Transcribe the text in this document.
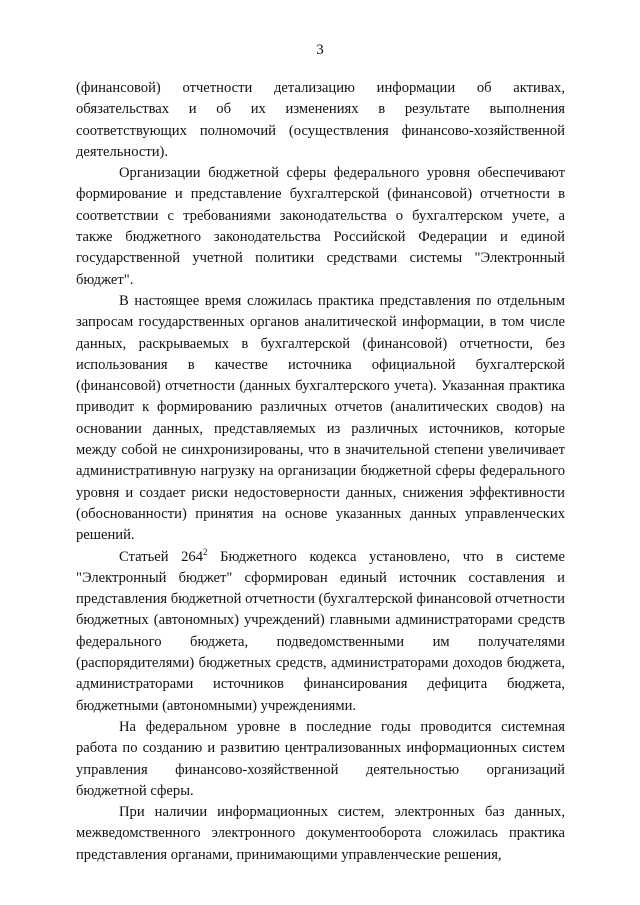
3

(финансовой) отчетности детализацию информации об активах, обязательствах и об их изменениях в результате выполнения соответствующих полномочий (осуществления финансово-хозяйственной деятельности).

Организации бюджетной сферы федерального уровня обеспечивают формирование и представление бухгалтерской (финансовой) отчетности в соответствии с требованиями законодательства о бухгалтерском учете, а также бюджетного законодательства Российской Федерации и единой государственной учетной политики средствами системы "Электронный бюджет".

В настоящее время сложилась практика представления по отдельным запросам государственных органов аналитической информации, в том числе данных, раскрываемых в бухгалтерской (финансовой) отчетности, без использования в качестве источника официальной бухгалтерской (финансовой) отчетности (данных бухгалтерского учета). Указанная практика приводит к формированию различных отчетов (аналитических сводов) на основании данных, представляемых из различных источников, которые между собой не синхронизированы, что в значительной степени увеличивает административную нагрузку на организации бюджетной сферы федерального уровня и создает риски недостоверности данных, снижения эффективности (обоснованности) принятия на основе указанных данных управленческих решений.

Статьей $264^2$ Бюджетного кодекса установлено, что в системе "Электронный бюджет" сформирован единый источник составления и представления бюджетной отчетности (бухгалтерской финансовой отчетности бюджетных (автономных) учреждений) главными администраторами средств федерального бюджета, подведомственными им получателями (распорядителями) бюджетных средств, администраторами доходов бюджета, администраторами источников финансирования дефицита бюджета, бюджетными (автономными) учреждениями.

На федеральном уровне в последние годы проводится системная работа по созданию и развитию централизованных информационных систем управления финансово-хозяйственной деятельностью организаций бюджетной сферы.

При наличии информационных систем, электронных баз данных, межведомственного электронного документооборота сложилась практика представления органами, принимающими управленческие решения,
